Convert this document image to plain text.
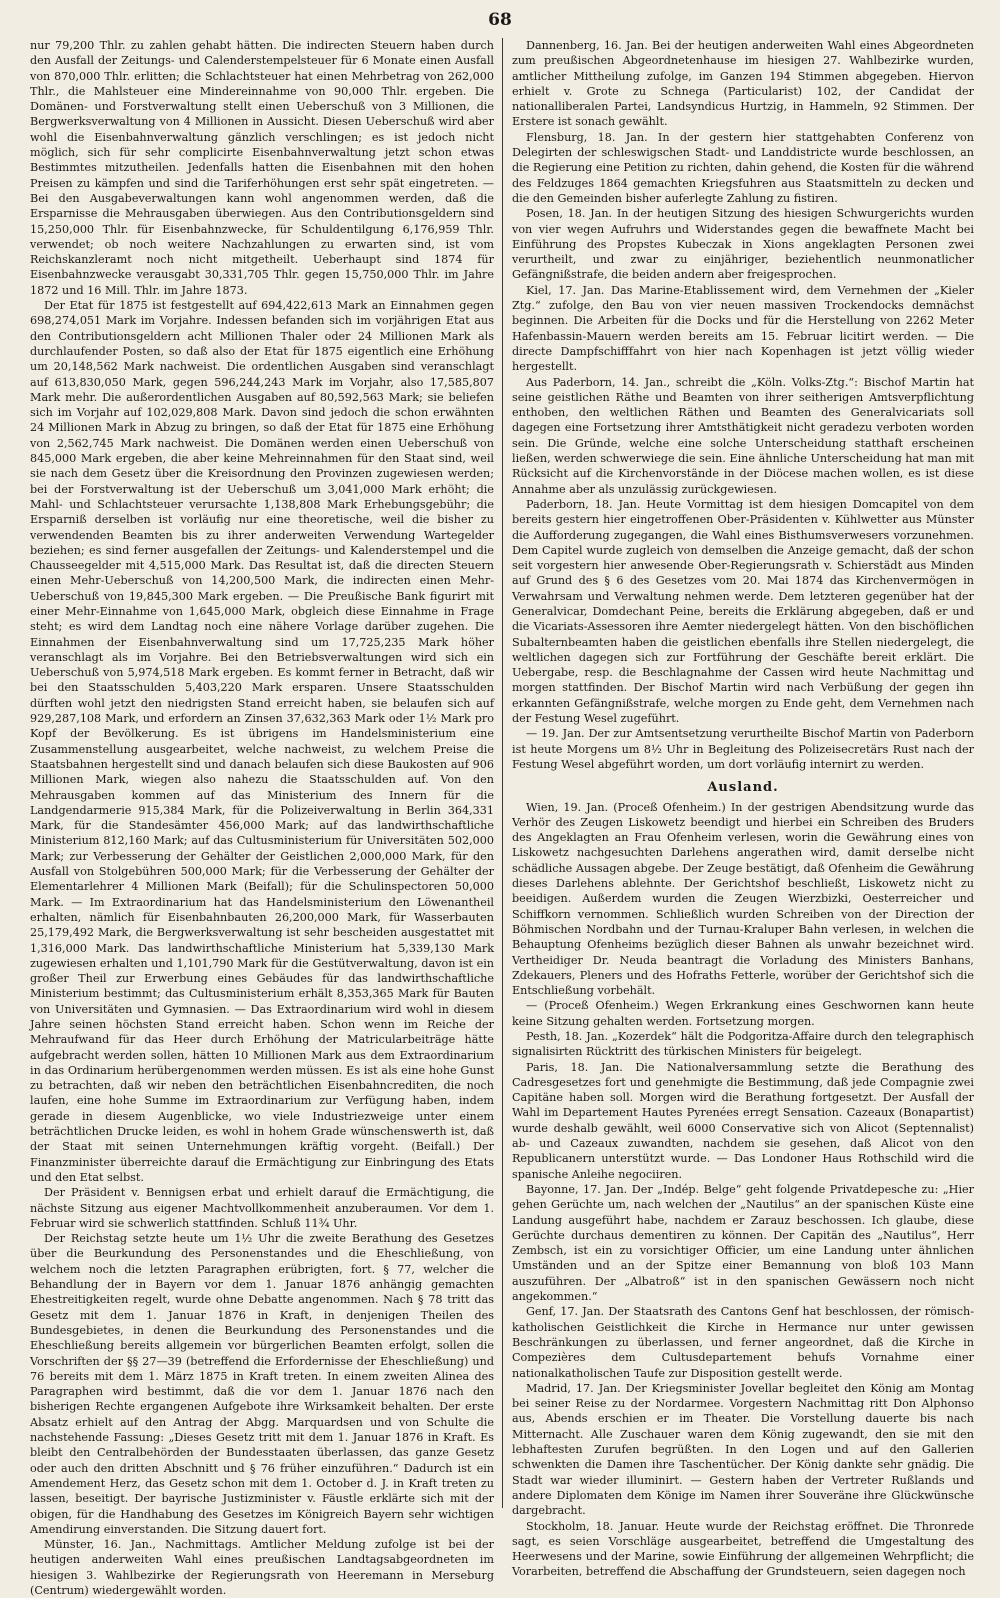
68

nur 79,200 Thlr. zu zahlen gehabt hätten. Die indirecten Steuern haben durch den Ausfall der Zeitungs- und Calenderstempelsteuer für 6 Monate einen Ausfall von 870,000 Thlr. erlitten; die Schlachtsteuer hat einen Mehrbetrag von 262,000 Thlr., die Mahlsteuer eine Mindereinnahme von 90,000 Thlr. ergeben. Die Domänen- und Forstverwaltung stellt einen Ueberschuß von 3 Millionen, die Bergwerksverwaltung von 4 Millionen in Aussicht. Diesen Ueberschuß wird aber wohl die Eisenbahnverwaltung gänzlich verschlingen; es ist jedoch nicht möglich, sich für sehr complicirte Eisenbahnverwaltung jetzt schon etwas Bestimmtes mitzutheilen. Jedenfalls hatten die Eisenbahnen mit den hohen Preisen zu kämpfen und sind die Tariferhöhungen erst sehr spät eingetreten. — Bei den Ausgabeverwaltungen kann wohl angenommen werden, daß die Ersparnisse die Mehrausgaben überwiegen. Aus den Contributionsgeldern sind 15,250,000 Thlr. für Eisenbahnzwecke, für Schuldentilgung 6,176,959 Thlr. verwendet; ob noch weitere Nachzahlungen zu erwarten sind, ist vom Reichskanzleramt noch nicht mitgetheilt. Ueberhaupt sind 1874 für Eisenbahnzwecke verausgabt 30,331,705 Thlr. gegen 15,750,000 Thlr. im Jahre 1872 und 16 Mill. Thlr. im Jahre 1873.

Der Etat für 1875 ist festgestellt auf 694,422,613 Mark an Einnahmen gegen 698,274,051 Mark im Vorjahre. Indessen befanden sich im vorjährigen Etat aus den Contributionsgeldern acht Millionen Thaler oder 24 Millionen Mark als durchlaufender Posten, so daß also der Etat für 1875 eigentlich eine Erhöhung um 20,148,562 Mark nachweist. Die ordentlichen Ausgaben sind veranschlagt auf 613,830,050 Mark, gegen 596,244,243 Mark im Vorjahr, also 17,585,807 Mark mehr. Die außerordentlichen Ausgaben auf 80,592,563 Mark; sie beliefen sich im Vorjahr auf 102,029,808 Mark. Davon sind jedoch die schon erwähnten 24 Millionen Mark in Abzug zu bringen, so daß der Etat für 1875 eine Erhöhung von 2,562,745 Mark nachweist. Die Domänen werden einen Ueberschuß von 845,000 Mark ergeben, die aber keine Mehreinnahmen für den Staat sind, weil sie nach dem Gesetz über die Kreisordnung den Provinzen zugewiesen werden; bei der Forstverwaltung ist der Ueberschuß um 3,041,000 Mark erhöht; die Mahl- und Schlachtsteuer verursachte 1,138,808 Mark Erhebungsgebühr; die Ersparniß derselben ist vorläufig nur eine theoretische, weil die bisher zu verwendenden Beamten bis zu ihrer anderweiten Verwendung Wartegelder beziehen; es sind ferner ausgefallen der Zeitungs- und Kalenderstempel und die Chausseegelder mit 4,515,000 Mark. Das Resultat ist, daß die directen Steuern einen Mehr-Ueberschuß von 14,200,500 Mark, die indirecten einen Mehr-Ueberschuß von 19,845,300 Mark ergeben. — Die Preußische Bank figurirt mit einer Mehr-Einnahme von 1,645,000 Mark, obgleich diese Einnahme in Frage steht; es wird dem Landtag noch eine nähere Vorlage darüber zugehen. Die Einnahmen der Eisenbahnverwaltung sind um 17,725,235 Mark höher veranschlagt als im Vorjahre. Bei den Betriebsverwaltungen wird sich ein Ueberschuß von 5,974,518 Mark ergeben. Es kommt ferner in Betracht, daß wir bei den Staatsschulden 5,403,220 Mark ersparen. Unsere Staatsschulden dürften wohl jetzt den niedrigsten Stand erreicht haben, sie belaufen sich auf 929,287,108 Mark, und erfordern an Zinsen 37,632,363 Mark oder 1½ Mark pro Kopf der Bevölkerung. Es ist übrigens im Handelsministerium eine Zusammenstellung ausgearbeitet, welche nachweist, zu welchem Preise die Staatsbahnen hergestellt sind und danach belaufen sich diese Baukosten auf 906 Millionen Mark, wiegen also nahezu die Staatsschulden auf. Von den Mehrausgaben kommen auf das Ministerium des Innern für die Landgendarmerie 915,384 Mark, für die Polizeiverwaltung in Berlin 364,331 Mark, für die Standesämter 456,000 Mark; auf das landwirthschaftliche Ministerium 812,160 Mark; auf das Cultusministerium für Universitäten 502,000 Mark; zur Verbesserung der Gehälter der Geistlichen 2,000,000 Mark, für den Ausfall von Stolgebühren 500,000 Mark; für die Verbesserung der Gehälter der Elementarlehrer 4 Millionen Mark (Beifall); für die Schulinspectoren 50,000 Mark. — Im Extraordinarium hat das Handelsministerium den Löwenantheil erhalten, nämlich für Eisenbahnbauten 26,200,000 Mark, für Wasserbauten 25,179,492 Mark, die Bergwerksverwaltung ist sehr bescheiden ausgestattet mit 1,316,000 Mark. Das landwirthschaftliche Ministerium hat 5,339,130 Mark zugewiesen erhalten und 1,101,790 Mark für die Gestütverwaltung, davon ist ein großer Theil zur Erwerbung eines Gebäudes für das landwirthschaftliche Ministerium bestimmt; das Cultusministerium erhält 8,353,365 Mark für Bauten von Universitäten und Gymnasien. — Das Extraordinarium wird wohl in diesem Jahre seinen höchsten Stand erreicht haben. Schon wenn im Reiche der Mehraufwand für das Heer durch Erhöhung der Matricularbeiträge hätte aufgebracht werden sollen, hätten 10 Millionen Mark aus dem Extraordinarium in das Ordinarium herübergenommen werden müssen. Es ist als eine hohe Gunst zu betrachten, daß wir neben den beträchtlichen Eisenbahncrediten, die noch laufen, eine hohe Summe im Extraordinarium zur Verfügung haben, indem gerade in diesem Augenblicke, wo viele Industriezweige unter einem beträchtlichen Drucke leiden, es wohl in hohem Grade wünschenswerth ist, daß der Staat mit seinen Unternehmungen kräftig vorgeht. (Beifall.) Der Finanzminister überreichte darauf die Ermächtigung zur Einbringung des Etats und den Etat selbst.

Der Präsident v. Bennigsen erbat und erhielt darauf die Ermächtigung, die nächste Sitzung aus eigener Machtvollkommenheit anzuberaumen. Vor dem 1. Februar wird sie schwerlich stattfinden. Schluß 11¾ Uhr.

Der Reichstag setzte heute um 1½ Uhr die zweite Berathung des Gesetzes über die Beurkundung des Personenstandes und die Eheschließung, von welchem noch die letzten Paragraphen erübrigten, fort. § 77, welcher die Behandlung der in Bayern vor dem 1. Januar 1876 anhängig gemachten Ehestreitigkeiten regelt, wurde ohne Debatte angenommen. Nach § 78 tritt das Gesetz mit dem 1. Januar 1876 in Kraft, in denjenigen Theilen des Bundesgebietes, in denen die Beurkundung des Personenstandes und die Eheschließung bereits allgemein vor bürgerlichen Beamten erfolgt, sollen die Vorschriften der §§ 27—39 (betreffend die Erfordernisse der Eheschließung) und 76 bereits mit dem 1. März 1875 in Kraft treten. In einem zweiten Alinea des Paragraphen wird bestimmt, daß die vor dem 1. Januar 1876 nach den bisherigen Rechte ergangenen Aufgebote ihre Wirksamkeit behalten. Der erste Absatz erhielt auf den Antrag der Abgg. Marquardsen und von Schulte die nachstehende Fassung: „Dieses Gesetz tritt mit dem 1. Januar 1876 in Kraft. Es bleibt den Centralbehörden der Bundesstaaten überlassen, das ganze Gesetz oder auch den dritten Abschnitt und § 76 früher einzuführen.“ Dadurch ist ein Amendement Herz, das Gesetz schon mit dem 1. October d. J. in Kraft treten zu lassen, beseitigt. Der bayrische Justizminister v. Fäustle erklärte sich mit der obigen, für die Handhabung des Gesetzes im Königreich Bayern sehr wichtigen Amendirung einverstanden. Die Sitzung dauert fort.

Münster, 16. Jan., Nachmittags. Amtlicher Meldung zufolge ist bei der heutigen anderweiten Wahl eines preußischen Landtagsabgeordneten im hiesigen 3. Wahlbezirke der Regierungsrath von Heeremann in Merseburg (Centrum) wiedergewählt worden.

Dannenberg, 16. Jan. Bei der heutigen anderweiten Wahl eines Abgeordneten zum preußischen Abgeordnetenhause im hiesigen 27. Wahlbezirke wurden, amtlicher Mittheilung zufolge, im Ganzen 194 Stimmen abgegeben. Hiervon erhielt v. Grote zu Schnega (Particularist) 102, der Candidat der nationalliberalen Partei, Landsyndicus Hurtzig, in Hammeln, 92 Stimmen. Der Erstere ist sonach gewählt.

Flensburg, 18. Jan. In der gestern hier stattgehabten Conferenz von Delegirten der schleswigschen Stadt- und Landdistricte wurde beschlossen, an die Regierung eine Petition zu richten, dahin gehend, die Kosten für die während des Feldzuges 1864 gemachten Kriegsfuhren aus Staatsmitteln zu decken und die den Gemeinden bisher auferlegte Zahlung zu fistiren.

Posen, 18. Jan. In der heutigen Sitzung des hiesigen Schwurgerichts wurden von vier wegen Aufruhrs und Widerstandes gegen die bewaffnete Macht bei Einführung des Propstes Kubeczak in Xions angeklagten Personen zwei verurtheilt, und zwar zu einjähriger, beziehentlich neunmonatlicher Gefängnißstrafe, die beiden andern aber freigesprochen.

Kiel, 17. Jan. Das Marine-Etablissement wird, dem Vernehmen der „Kieler Ztg.“ zufolge, den Bau von vier neuen massiven Trockendocks demnächst beginnen. Die Arbeiten für die Docks und für die Herstellung von 2262 Meter Hafenbassin-Mauern werden bereits am 15. Februar licitirt werden. — Die directe Dampfschifffahrt von hier nach Kopenhagen ist jetzt völlig wieder hergestellt.

Aus Paderborn, 14. Jan., schreibt die „Köln. Volks-Ztg.“: Bischof Martin hat seine geistlichen Räthe und Beamten von ihrer seitherigen Amtsverpflichtung enthoben, den weltlichen Räthen und Beamten des Generalvicariats soll dagegen eine Fortsetzung ihrer Amtsthätigkeit nicht geradezu verboten worden sein. Die Gründe, welche eine solche Unterscheidung statthaft erscheinen ließen, werden schwerwiege die sein. Eine ähnliche Unterscheidung hat man mit Rücksicht auf die Kirchenvorstände in der Diöcese machen wollen, es ist diese Annahme aber als unzulässig zurückgewiesen.

Paderborn, 18. Jan. Heute Vormittag ist dem hiesigen Domcapitel von dem bereits gestern hier eingetroffenen Ober-Präsidenten v. Kühlwetter aus Münster die Aufforderung zugegangen, die Wahl eines Bisthumsverwesers vorzunehmen. Dem Capitel wurde zugleich von demselben die Anzeige gemacht, daß der schon seit vorgestern hier anwesende Ober-Regierungsrath v. Schierstädt aus Minden auf Grund des § 6 des Gesetzes vom 20. Mai 1874 das Kirchenvermögen in Verwahrsam und Verwaltung nehmen werde. Dem letzteren gegenüber hat der Generalvicar, Domdechant Peine, bereits die Erklärung abgegeben, daß er und die Vicariats-Assessoren ihre Aemter niedergelegt hätten. Von den bischöflichen Subalternbeamten haben die geistlichen ebenfalls ihre Stellen niedergelegt, die weltlichen dagegen sich zur Fortführung der Geschäfte bereit erklärt. Die Uebergabe, resp. die Beschlagnahme der Cassen wird heute Nachmittag und morgen stattfinden. Der Bischof Martin wird nach Verbüßung der gegen ihn erkannten Gefängnißstrafe, welche morgen zu Ende geht, dem Vernehmen nach der Festung Wesel zugeführt.

— 19. Jan. Der zur Amtsentsetzung verurtheilte Bischof Martin von Paderborn ist heute Morgens um 8½ Uhr in Begleitung des Polizeisecretärs Rust nach der Festung Wesel abgeführt worden, um dort vorläufig internirt zu werden.

Ausland.

Wien, 19. Jan. (Proceß Ofenheim.) In der gestrigen Abendsitzung wurde das Verhör des Zeugen Liskowetz beendigt und hierbei ein Schreiben des Bruders des Angeklagten an Frau Ofenheim verlesen, worin die Gewährung eines von Liskowetz nachgesuchten Darlehens angerathen wird, damit derselbe nicht schädliche Aussagen abgebe. Der Zeuge bestätigt, daß Ofenheim die Gewährung dieses Darlehens ablehnte. Der Gerichtshof beschließt, Liskowetz nicht zu beeidigen. Außerdem wurden die Zeugen Wierzbizki, Oesterreicher und Schiffkorn vernommen. Schließlich wurden Schreiben von der Direction der Böhmischen Nordbahn und der Turnau-Kraluper Bahn verlesen, in welchen die Behauptung Ofenheims bezüglich dieser Bahnen als unwahr bezeichnet wird. Vertheidiger Dr. Neuda beantragt die Vorladung des Ministers Banhans, Zdekauers, Pleners und des Hofraths Fetterle, worüber der Gerichtshof sich die Entschließung vorbehält.

— (Proceß Ofenheim.) Wegen Erkrankung eines Geschwornen kann heute keine Sitzung gehalten werden. Fortsetzung morgen.

Pesth, 18. Jan. „Kozerdek“ hält die Podgoritza-Affaire durch den telegraphisch signalisirten Rücktritt des türkischen Ministers für beigelegt.

Paris, 18. Jan. Die Nationalversammlung setzte die Berathung des Cadresgesetzes fort und genehmigte die Bestimmung, daß jede Compagnie zwei Capitäne haben soll. Morgen wird die Berathung fortgesetzt. Der Ausfall der Wahl im Departement Hautes Pyrenées erregt Sensation. Cazeaux (Bonapartist) wurde deshalb gewählt, weil 6000 Conservative sich von Alicot (Septennalist) ab- und Cazeaux zuwandten, nachdem sie gesehen, daß Alicot von den Republicanern unterstützt wurde. — Das Londoner Haus Rothschild wird die spanische Anleihe negociiren.

Bayonne, 17. Jan. Der „Indép. Belge“ geht folgende Privatdepesche zu: „Hier gehen Gerüchte um, nach welchen der „Nautilus“ an der spanischen Küste eine Landung ausgeführt habe, nachdem er Zarauz beschossen. Ich glaube, diese Gerüchte durchaus dementiren zu können. Der Capitän des „Nautilus“, Herr Zembsch, ist ein zu vorsichtiger Officier, um eine Landung unter ähnlichen Umständen und an der Spitze einer Bemannung von bloß 103 Mann auszuführen. Der „Albatroß“ ist in den spanischen Gewässern noch nicht angekommen.“

Genf, 17. Jan. Der Staatsrath des Cantons Genf hat beschlossen, der römisch-katholischen Geistlichkeit die Kirche in Hermance nur unter gewissen Beschränkungen zu überlassen, und ferner angeordnet, daß die Kirche in Compezières dem Cultusdepartement behufs Vornahme einer nationalkatholischen Taufe zur Disposition gestellt werde.

Madrid, 17. Jan. Der Kriegsminister Jovellar begleitet den König am Montag bei seiner Reise zu der Nordarmee. Vorgestern Nachmittag ritt Don Alphonso aus, Abends erschien er im Theater. Die Vorstellung dauerte bis nach Mitternacht. Alle Zuschauer waren dem König zugewandt, den sie mit den lebhaftesten Zurufen begrüßten. In den Logen und auf den Gallerien schwenkten die Damen ihre Taschentücher. Der König dankte sehr gnädig. Die Stadt war wieder illuminirt. — Gestern haben der Vertreter Rußlands und andere Diplomaten dem Könige im Namen ihrer Souveräne ihre Glückwünsche dargebracht.

Stockholm, 18. Januar. Heute wurde der Reichstag eröffnet. Die Thronrede sagt, es seien Vorschläge ausgearbeitet, betreffend die Umgestaltung des Heerwesens und der Marine, sowie Einführung der allgemeinen Wehrpflicht; die Vorarbeiten, betreffend die Abschaffung der Grundsteuern, seien dagegen noch
